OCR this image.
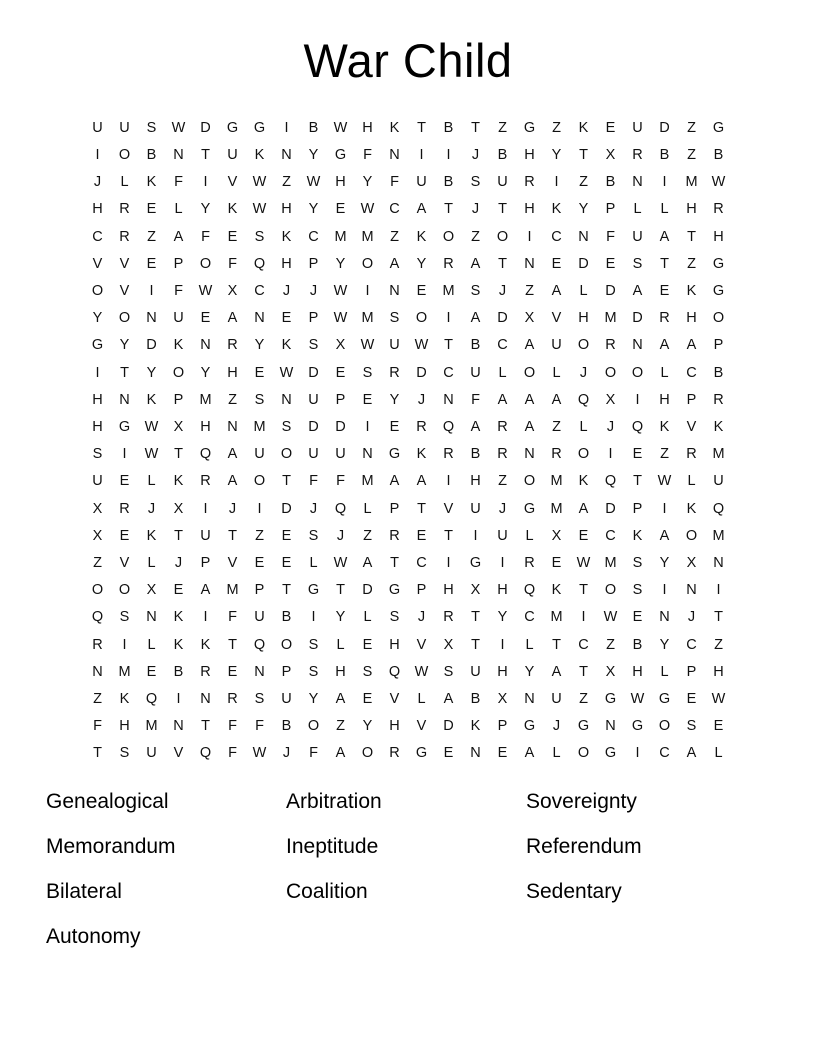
War Child
U	U	S	W	D	G	G	I	B	W	H	K	T	B	T	Z	G	Z	K	E	U	D	Z	G
I	O	B	N	T	U	K	N	Y	G	F	N	I	I	J	B	H	Y	T	X	R	B	Z	B
J	L	K	F	I	V	W	Z	W	H	Y	F	U	B	S	U	R	I	Z	B	N	I	M	W
H	R	E	L	Y	K	W	H	Y	E	W	C	A	T	J	T	H	K	Y	P	L	L	H	R
C	R	Z	A	F	E	S	K	C	M	M	Z	K	O	Z	O	I	C	N	F	U	A	T	H
V	V	E	P	O	F	Q	H	P	Y	O	A	Y	R	A	T	N	E	D	E	S	T	Z	G
O	V	I	F	W	X	C	J	J	W	I	N	E	M	S	J	Z	A	L	D	A	E	K	G
Y	O	N	U	E	A	N	E	P	W	M	S	O	I	A	D	X	V	H	M	D	R	H	O
G	Y	D	K	N	R	Y	K	S	X	W	U	W	T	B	C	A	U	O	R	N	A	A	P
I	T	Y	O	Y	H	E	W	D	E	S	R	D	C	U	L	O	L	J	O	O	L	C	B
H	N	K	P	M	Z	S	N	U	P	E	Y	J	N	F	A	A	A	Q	X	I	H	P	R
H	G	W	X	H	N	M	S	D	D	I	E	R	Q	A	R	A	Z	L	J	Q	K	V	K
S	I	W	T	Q	A	U	O	U	U	N	G	K	R	B	R	N	R	O	I	E	Z	R	M
U	E	L	K	R	A	O	T	F	F	M	A	A	I	H	Z	O	M	K	Q	T	W	L	U
X	R	J	X	I	J	I	D	J	Q	L	P	T	V	U	J	G	M	A	D	P	I	K	Q
X	E	K	T	U	T	Z	E	S	J	Z	R	E	T	I	U	L	X	E	C	K	A	O	M
Z	V	L	J	P	V	E	E	L	W	A	T	C	I	G	I	R	E	W	M	S	Y	X	N
O	O	X	E	A	M	P	T	G	T	D	G	P	H	X	H	Q	K	T	O	S	I	N	I
Q	S	N	K	I	F	U	B	I	Y	L	S	J	R	T	Y	C	M	I	W	E	N	J	T
R	I	L	K	K	T	Q	O	S	L	E	H	V	X	T	I	L	T	C	Z	B	Y	C	Z
N	M	E	B	R	E	N	P	S	H	S	Q	W	S	U	H	Y	A	T	X	H	L	P	H
Z	K	Q	I	N	R	S	U	Y	A	E	V	L	A	B	X	N	U	Z	G	W	G	E	W
F	H	M	N	T	F	F	B	O	Z	Y	H	V	D	K	P	G	J	G	N	G	O	S	E
T	S	U	V	Q	F	W	J	F	A	O	R	G	E	N	E	A	L	O	G	I	C	A	L
Genealogical	Arbitration	Sovereignty
Memorandum	Ineptitude	Referendum
Bilateral	Coalition	Sedentary
Autonomy		
